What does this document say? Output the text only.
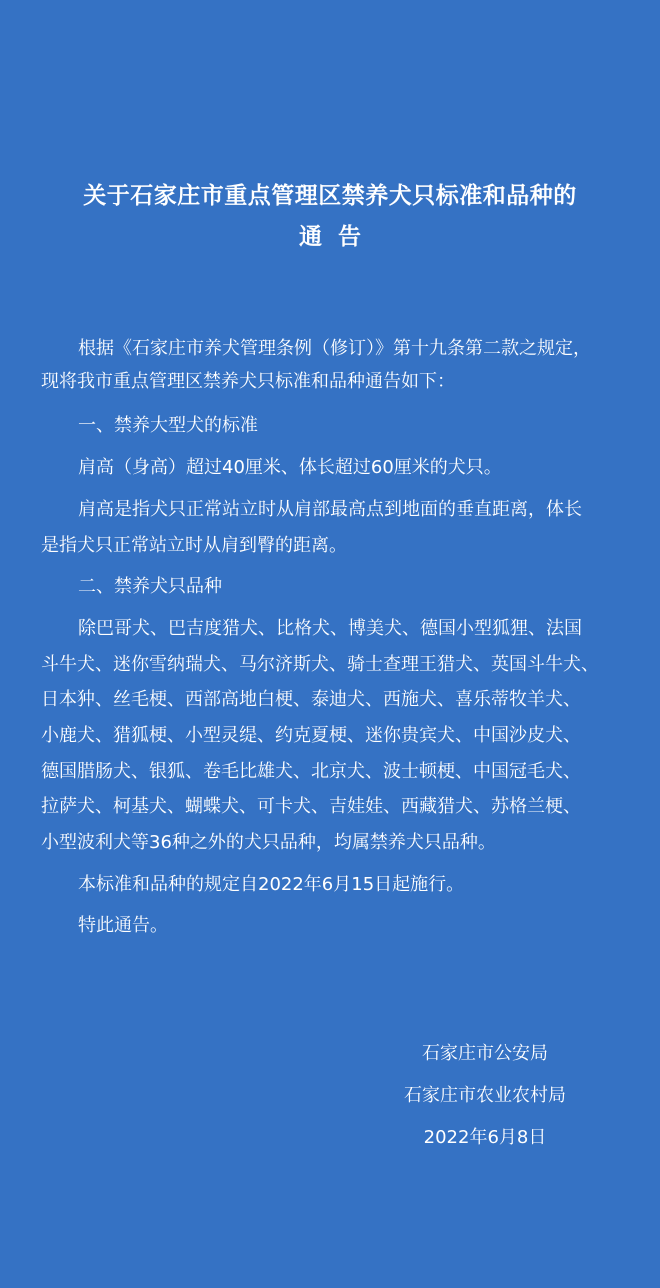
关于石家庄市重点管理区禁养犬只标准和品种的
通告
根据《石家庄市养犬管理条例（修订）》第十九条第二款之规定，
现将我市重点管理区禁养犬只标准和品种通告如下：
一、禁养大型犬的标准
肩高（身高）超过40厘米、体长超过60厘米的犬只。
肩高是指犬只正常站立时从肩部最高点到地面的垂直距离，体长
是指犬只正常站立时从肩到臀的距离。
二、禁养犬只品种
除巴哥犬、巴吉度猎犬、比格犬、博美犬、德国小型狐狸、法国
斗牛犬、迷你雪纳瑞犬、马尔济斯犬、骑士查理王猎犬、英国斗牛犬、
日本狆、丝毛梗、西部高地白梗、泰迪犬、西施犬、喜乐蒂牧羊犬、
小鹿犬、猎狐梗、小型灵缇、约克夏梗、迷你贵宾犬、中国沙皮犬、
德国腊肠犬、银狐、卷毛比雄犬、北京犬、波士顿梗、中国冠毛犬、
拉萨犬、柯基犬、蝴蝶犬、可卡犬、吉娃娃、西藏猎犬、苏格兰梗、
小型波利犬等36种之外的犬只品种，均属禁养犬只品种。
本标准和品种的规定自2022年6月15日起施行。
特此通告。
石家庄市公安局
石家庄市农业农村局
2022年6月8日
